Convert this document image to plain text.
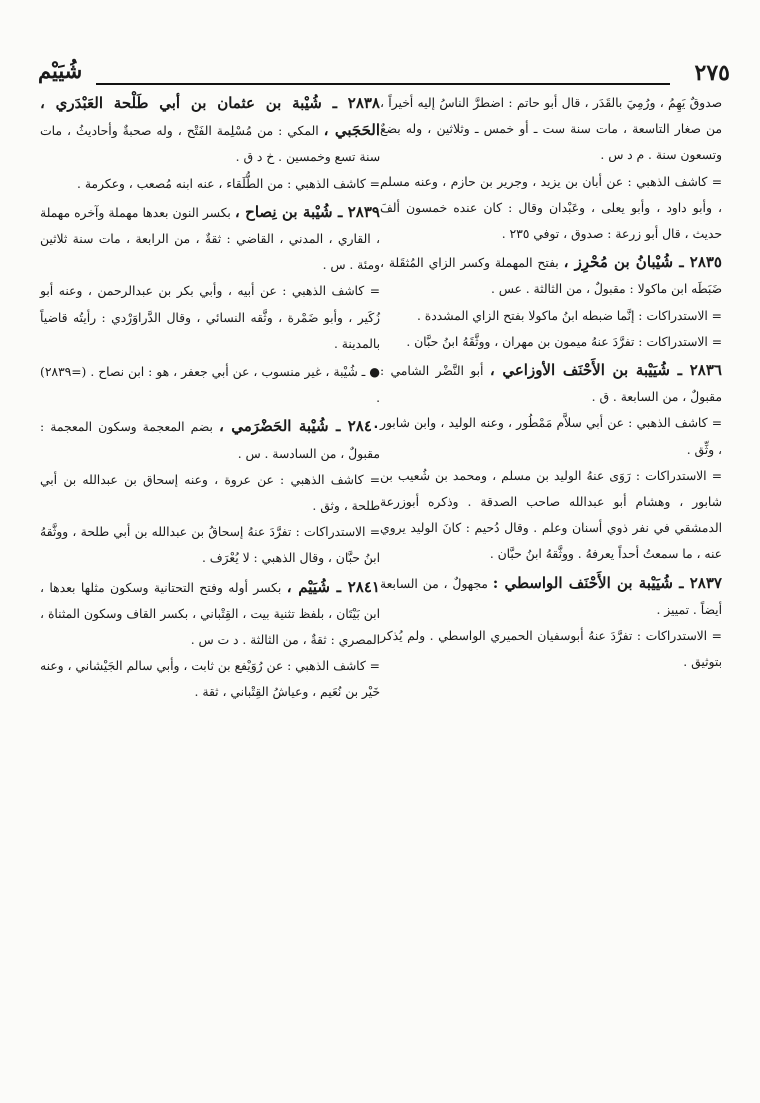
٢٧٥
شُيَيْم

صدوقٌ يَهِمُ ، ورُمِيَ بالقَدَر ، قال أبو حاتم : اضطرَّ الناسُ إليه أخيراً ، من صغار التاسعة ، مات سنة ست ـ أو خمس ـ وثلاثين ، وله بضعٌ وتسعون سنة . م د س .

= كاشف الذهبي : عن أبان بن يزيد ، وجرير بن حازم ، وعنه مسلم ، وأبو داود ، وأبو يعلى ، وعَبْدان وقال : كان عنده خمسون ألفَ حديث ، قال أبو زرعة : صدوق ، توفي ٢٣٥ .

٢٨٣٥ ـ شُيْبانُ بن مُحْرِز ، بفتح المهملة وكسر الزاي المُثقَلة ، ضَبَطَه ابن ماكولا : مقبولٌ ، من الثالثة . عس .

= الاستدراكات : إنَّما ضبطه ابنُ ماكولا بفتح الزاي المشددة .

= الاستدراكات : تفرَّدَ عنهُ ميمون بن مهران ، ووثَّقَهُ ابنُ حبَّان .

٢٨٣٦ ـ شُيَيْبة بن الأَحْنَف الأوزاعي ، أبو النَّضْر الشامي : مقبولٌ ، من السابعة . ق .

= كاشف الذهبي : عن أبي سلاَّم مَمْطُور ، وعنه الوليد ، وابن شابور ، وثِّق .

= الاستدراكات : رَوَى عنهُ الوليد بن مسلم ، ومحمد بن شُعيب بن شابور ، وهشام أبو عبدالله صاحب الصدقة . وذكره أبوزرعة الدمشقي في نفر ذوي أسنان وعلم . وقال دُحيم : كانَ الوليد يروي عنه ، ما سمعتُ أحداً يعرفهُ . ووثَّقهُ ابنُ حبَّان .

٢٨٣٧ ـ شُيَيْبة بن الأَحْنَف الواسطي : مجهولٌ ، من السابعة أيضاً . تمييز .

= الاستدراكات : تفرَّدَ عنهُ أبوسفيان الحميري الواسطي . ولم يُذكر بتوثيق .

٢٨٣٨ ـ شُيْبة بن عثمان بن أبي طَلْحة العَبْدَري ، الحَجَبي ، المكي : من مُسْلِمة الفَتْح ، وله صحبةٌ وأحاديثُ ، مات سنة تسع وخمسين . خ د ق .

= كاشف الذهبي : من الطُّلَقاء ، عنه ابنه مُصعب ، وعكرمة .

٢٨٣٩ ـ شُيْبة بن نِصاح ، بكسر النون بعدها مهملة وآخره مهملة ، القاري ، المدني ، القاضي : ثقةٌ ، من الرابعة ، مات سنة ثلاثين ومئة . س .

= كاشف الذهبي : عن أبيه ، وأبي بكر بن عبدالرحمن ، وعنه أبو زُكَير ، وأبو ضَمْرة ، وثَّقه النسائي ، وقال الدَّراوَرْدي : رأيتُه قاضياً بالمدينة .

● ـ شُيْبة ، غير منسوب ، عن أبي جعفر ، هو : ابن نصاح . (=٢٨٣٩) .

٢٨٤٠ ـ شُيْبة الحَضْرَمي ، بضم المعجمة وسكون المعجمة : مقبولٌ ، من السادسة . س .

= كاشف الذهبي : عن عروة ، وعنه إسحاق بن عبدالله بن أبي طلحة ، وثق .

= الاستدراكات : تفرَّدَ عنهُ إسحاقُ بن عبدالله بن أبي طلحة ، ووثَّقهُ ابنُ حبَّان ، وقال الذهبي : لا يُعْرَف .

٢٨٤١ ـ شُيَيْم ، بكسر أوله وفتح التحتانية وسكون مثلها بعدها ، ابن بَيْتَان ، بلفظ تثنية بيت ، القِتْباني ، بكسر القاف وسكون المثناة ، المصري : ثقةٌ ، من الثالثة . د ت س .

= كاشف الذهبي : عن رُوَيْفع بن ثابت ، وأبي سالم الجَيْشاني ، وعنه خَيْر بن نُعَيم ، وعياشُ القِتْباني ، ثقة .
